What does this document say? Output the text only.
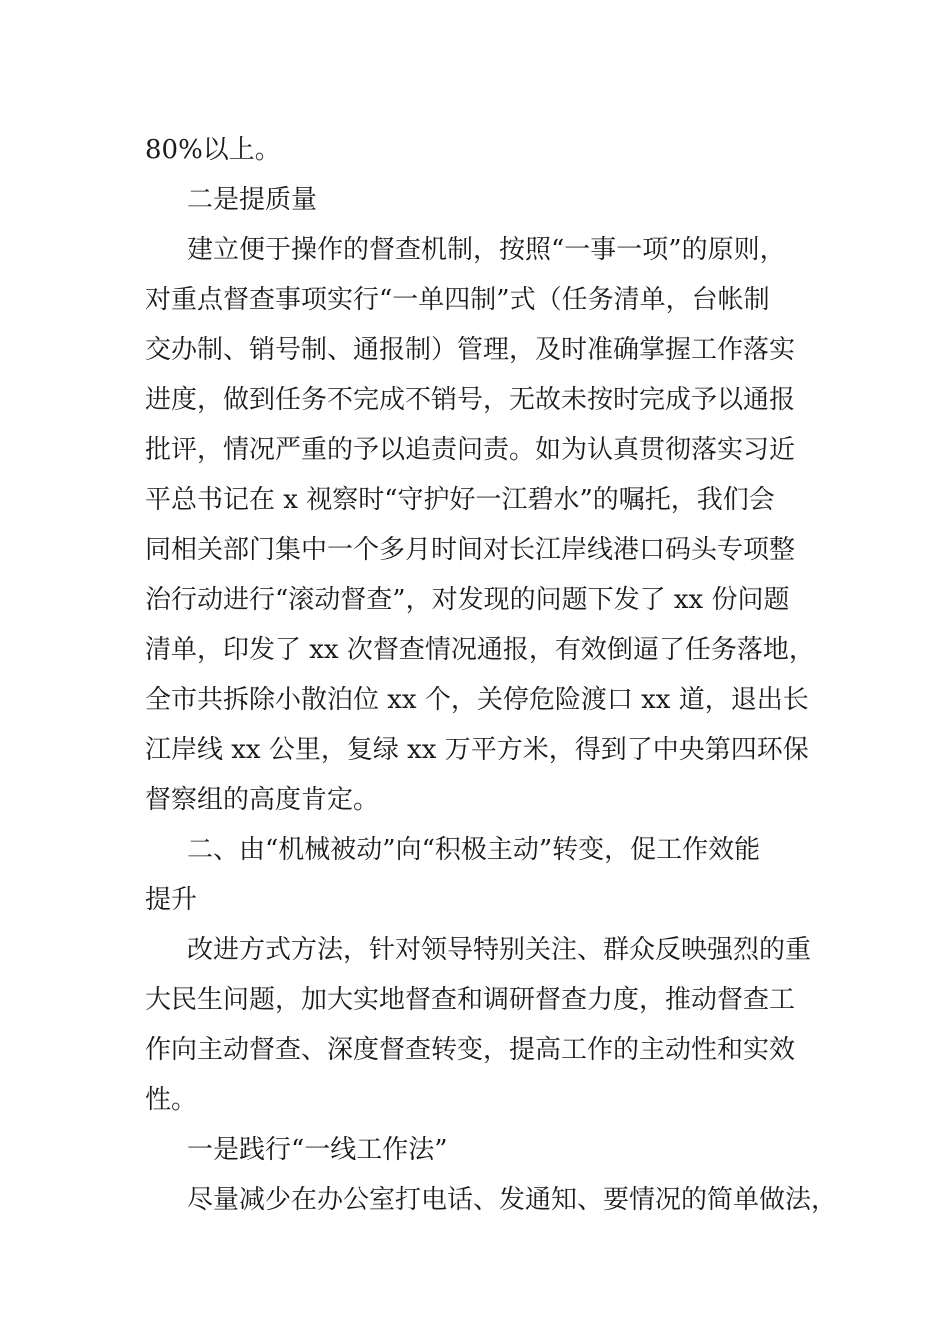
80%以上。
二是提质量
建立便于操作的督查机制，按照“一事一项”的原则，
对重点督查事项实行“一单四制”式（任务清单，台帐制
交办制、销号制、通报制）管理，及时准确掌握工作落实
进度，做到任务不完成不销号，无故未按时完成予以通报
批评，情况严重的予以追责问责。如为认真贯彻落实习近
平总书记在 x 视察时“守护好一江碧水”的嘱托，我们会
同相关部门集中一个多月时间对长江岸线港口码头专项整
治行动进行“滚动督查”，对发现的问题下发了 xx 份问题
清单，印发了 xx 次督查情况通报，有效倒逼了任务落地，
全市共拆除小散泊位 xx 个，关停危险渡口 xx 道，退出长
江岸线 xx 公里，复绿 xx 万平方米，得到了中央第四环保
督察组的高度肯定。
二、由“机械被动”向“积极主动”转变，促工作效能
提升
改进方式方法，针对领导特别关注、群众反映强烈的重
大民生问题，加大实地督查和调研督查力度，推动督查工
作向主动督查、深度督查转变，提高工作的主动性和实效
性。
一是践行“一线工作法”
尽量减少在办公室打电话、发通知、要情况的简单做法，
